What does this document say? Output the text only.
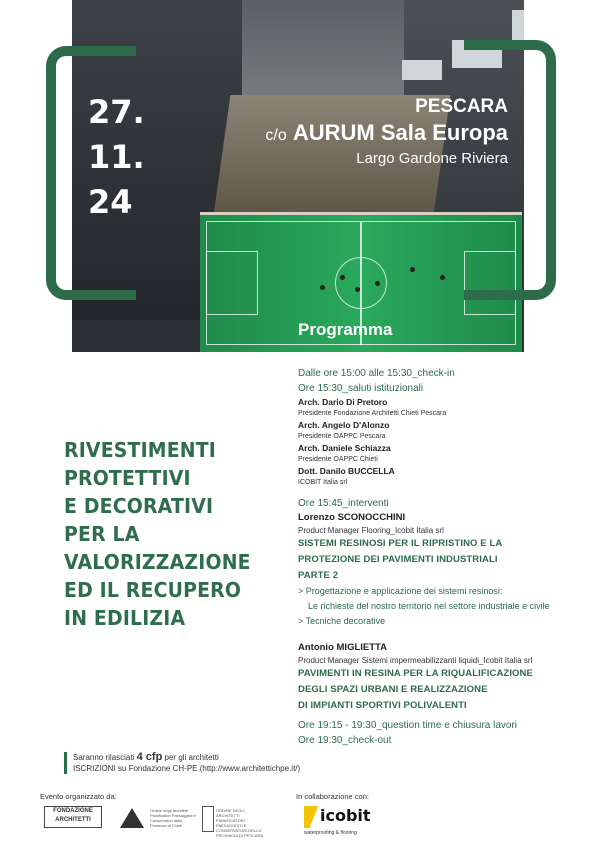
27.
11.
24
PESCARA
c/o AURUM Sala Europa
Largo Gardone Riviera
Programma
RIVESTIMENTI
PROTETTIVI
E DECORATIVI
PER LA
VALORIZZAZIONE
ED IL RECUPERO
IN EDILIZIA
Dalle ore 15:00 alle 15:30_check-in
Ore 15:30_saluti istituzionali
Arch. Dario Di Pretoro
Presidente Fondazione Architetti Chieti Pescara
Arch. Angelo D'Alonzo
Presidente OAPPC Pescara
Arch. Daniele Schiazza
Presidente OAPPC Chieti
Dott. Danilo BUCCELLA
ICOBIT Italia srl
Ore 15:45_interventi
Lorenzo SCONOCCHINI
Product Manager Flooring_Icobit Italia srl
SISTEMI RESINOSI PER IL RIPRISTINO E LA
PROTEZIONE DEI PAVIMENTI INDUSTRIALI
PARTE 2
> Progettazione e applicazione dei sistemi resinosi:
Le richieste del nostro territorio nel settore industriale e civile
> Tecniche decorative
Antonio MIGLIETTA
Product Manager Sistemi impermeabilizzanti liquidi_Icobit Italia srl
PAVIMENTI IN RESINA PER LA RIQUALIFICAZIONE
DEGLI SPAZI URBANI E REALIZZAZIONE
DI IMPIANTI SPORTIVI POLIVALENTI
Ore 19:15 - 19:30_question time e chiusura lavori
Ore 19:30_check-out
Saranno rilasciati 4 cfp per gli architetti
ISCRIZIONI su Fondazione CH-PE (http://www.architettichpe.it/)
Evento organizzato da:	In collaborazione con:
FONDAZIONE ARCHITETTI
Ordine degli Architetti Pianificatori Paesaggisti e Conservatori della Provincia di Chieti
ORDINE DEGLI ARCHITETTI PIANIFICATORI PAESAGGISTI E CONSERVATORI DELLA PROVINCIA DI PESCARA
icobit
waterproofing & flooring
